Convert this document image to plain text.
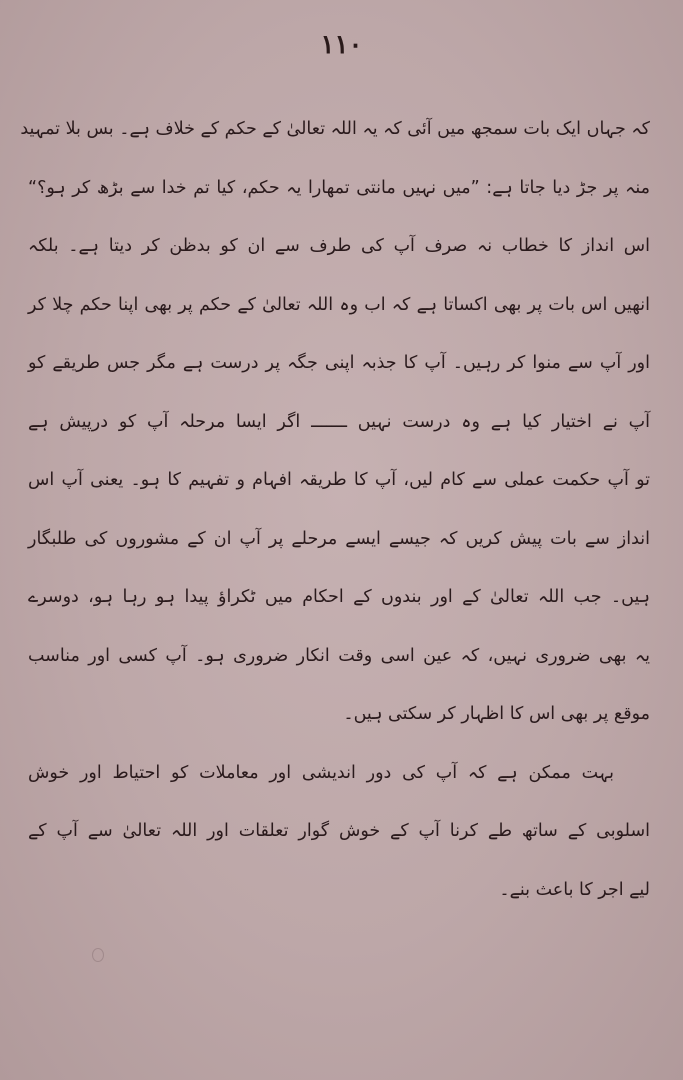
۱۱۰
کہ جہاں ایک بات سمجھ میں آئی کہ یہ اللہ تعالیٰ کے حکم کے خلاف ہے۔ بس بلا تمہید
منہ پر جڑ دیا جاتا ہے: ”میں نہیں مانتی تمھارا یہ حکم، کیا تم خدا سے بڑھ کر ہو؟“
اس انداز کا خطاب نہ صرف آپ کی طرف سے ان کو بدظن کر دیتا ہے۔ بلکہ
انھیں اس بات پر بھی اکساتا ہے کہ اب وہ اللہ تعالیٰ کے حکم پر بھی اپنا حکم چلا کر
اور آپ سے منوا کر رہیں۔ آپ کا جذبہ اپنی جگہ پر درست ہے مگر جس طریقے کو
آپ نے اختیار کیا ہے وہ درست نہیں ـــــــ اگر ایسا مرحلہ آپ کو درپیش ہے
تو آپ حکمت عملی سے کام لیں، آپ کا طریقہ افہام و تفہیم کا ہو۔ یعنی آپ اس
انداز سے بات پیش کریں کہ جیسے ایسے مرحلے پر آپ ان کے مشوروں کی طلبگار
ہیں۔ جب اللہ تعالیٰ کے اور بندوں کے احکام میں ٹکراؤ پیدا ہو رہا ہو، دوسرے
یہ بھی ضروری نہیں، کہ عین اسی وقت انکار ضروری ہو۔ آپ کسی اور مناسب
موقع پر بھی اس کا اظہار کر سکتی ہیں۔
بہت ممکن ہے کہ آپ کی دور اندیشی اور معاملات کو احتیاط اور خوش
اسلوبی کے ساتھ طے کرنا آپ کے خوش گوار تعلقات اور اللہ تعالیٰ سے آپ کے
لیے اجر کا باعث بنے۔
